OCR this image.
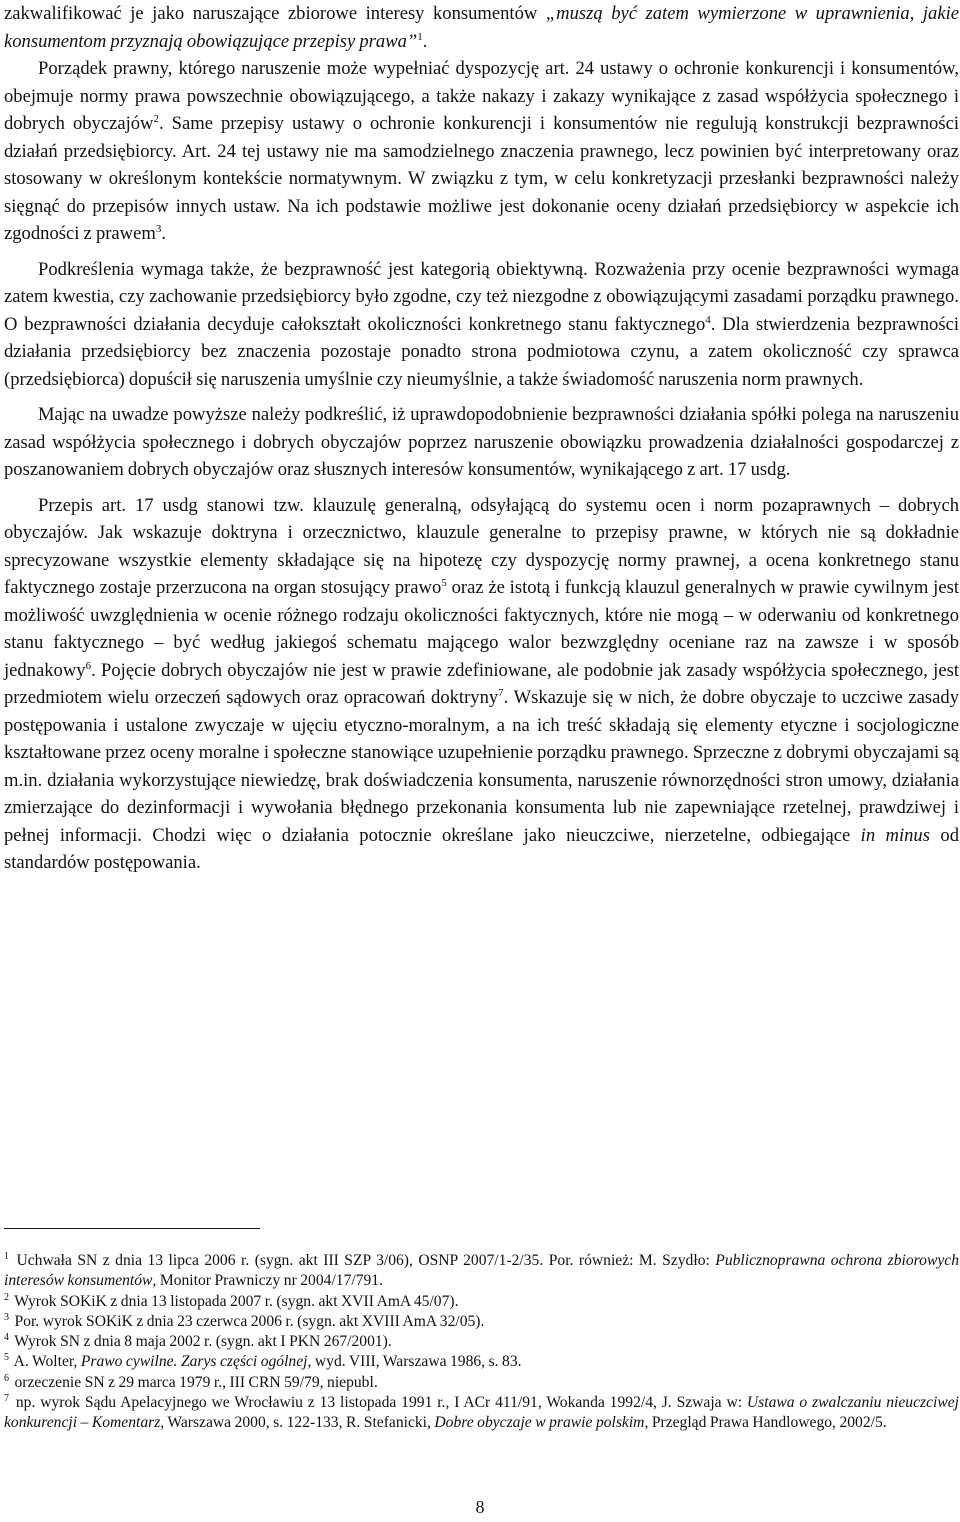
zakwalifikować je jako naruszające zbiorowe interesy konsumentów „muszą być zatem wymierzone w uprawnienia, jakie konsumentom przyznają obowiązujące przepisy prawa”$^1$.

Porządek prawny, którego naruszenie może wypełniać dyspozycję art. 24 ustawy o ochronie konkurencji i konsumentów, obejmuje normy prawa powszechnie obowiązującego, a także nakazy i zakazy wynikające z zasad współżycia społecznego i dobrych obyczajów$^2$. Same przepisy ustawy o ochronie konkurencji i konsumentów nie regulują konstrukcji bezprawności działań przedsiębiorcy. Art. 24 tej ustawy nie ma samodzielnego znaczenia prawnego, lecz powinien być interpretowany oraz stosowany w określonym kontekście normatywnym. W związku z tym, w celu konkretyzacji przesłanki bezprawności należy sięgnąć do przepisów innych ustaw. Na ich podstawie możliwe jest dokonanie oceny działań przedsiębiorcy w aspekcie ich zgodności z prawem$^3$.

Podkreślenia wymaga także, że bezprawność jest kategorią obiektywną. Rozważenia przy ocenie bezprawności wymaga zatem kwestia, czy zachowanie przedsiębiorcy było zgodne, czy też niezgodne z obowiązującymi zasadami porządku prawnego. O bezprawności działania decyduje całokształt okoliczności konkretnego stanu faktycznego$^4$. Dla stwierdzenia bezprawności działania przedsiębiorcy bez znaczenia pozostaje ponadto strona podmiotowa czynu, a zatem okoliczność czy sprawca (przedsiębiorca) dopuścił się naruszenia umyślnie czy nieumyślnie, a także świadomość naruszenia norm prawnych.

Mając na uwadze powyższe należy podkreślić, iż uprawdopodobnienie bezprawności działania spółki polega na naruszeniu zasad współżycia społecznego i dobrych obyczajów poprzez naruszenie obowiązku prowadzenia działalności gospodarczej z poszanowaniem dobrych obyczajów oraz słusznych interesów konsumentów, wynikającego z art. 17 usdg.

Przepis art. 17 usdg stanowi tzw. klauzulę generalną, odsyłającą do systemu ocen i norm pozaprawnych – dobrych obyczajów. Jak wskazuje doktryna i orzecznictwo, klauzule generalne to przepisy prawne, w których nie są dokładnie sprecyzowane wszystkie elementy składające się na hipotezę czy dyspozycję normy prawnej, a ocena konkretnego stanu faktycznego zostaje przerzucona na organ stosujący prawo$^5$ oraz że istotą i funkcją klauzul generalnych w prawie cywilnym jest możliwość uwzględnienia w ocenie różnego rodzaju okoliczności faktycznych, które nie mogą – w oderwaniu od konkretnego stanu faktycznego – być według jakiegoś schematu mającego walor bezwzględny oceniane raz na zawsze i w sposób jednakowy$^6$. Pojęcie dobrych obyczajów nie jest w prawie zdefiniowane, ale podobnie jak zasady współżycia społecznego, jest przedmiotem wielu orzeczeń sądowych oraz opracowań doktryny$^7$. Wskazuje się w nich, że dobre obyczaje to uczciwe zasady postępowania i ustalone zwyczaje w ujęciu etyczno-moralnym, a na ich treść składają się elementy etyczne i socjologiczne kształtowane przez oceny moralne i społeczne stanowiące uzupełnienie porządku prawnego. Sprzeczne z dobrymi obyczajami są m.in. działania wykorzystujące niewiedzę, brak doświadczenia konsumenta, naruszenie równorzędności stron umowy, działania zmierzające do dezinformacji i wywołania błędnego przekonania konsumenta lub nie zapewniające rzetelnej, prawdziwej i pełnej informacji. Chodzi więc o działania potocznie określane jako nieuczciwe, nierzetelne, odbiegające in minus od standardów postępowania.

$^1$ Uchwała SN z dnia 13 lipca 2006 r. (sygn. akt III SZP 3/06), OSNP 2007/1-2/35. Por. również: M. Szydło: Publicznoprawna ochrona zbiorowych interesów konsumentów, Monitor Prawniczy nr 2004/17/791.

$^2$ Wyrok SOKiK z dnia 13 listopada 2007 r. (sygn. akt XVII AmA 45/07).

$^3$ Por. wyrok SOKiK z dnia 23 czerwca 2006 r. (sygn. akt XVIII AmA 32/05).

$^4$ Wyrok SN z dnia 8 maja 2002 r. (sygn. akt I PKN 267/2001).

$^5$ A. Wolter, Prawo cywilne. Zarys części ogólnej, wyd. VIII, Warszawa 1986, s. 83.

$^6$ orzeczenie SN z 29 marca 1979 r., III CRN 59/79, niepubl.

$^7$ np. wyrok Sądu Apelacyjnego we Wrocławiu z 13 listopada 1991 r., I ACr 411/91, Wokanda 1992/4, J. Szwaja w: Ustawa o zwalczaniu nieuczciwej konkurencji – Komentarz, Warszawa 2000, s. 122-133, R. Stefanicki, Dobre obyczaje w prawie polskim, Przegląd Prawa Handlowego, 2002/5.

8
